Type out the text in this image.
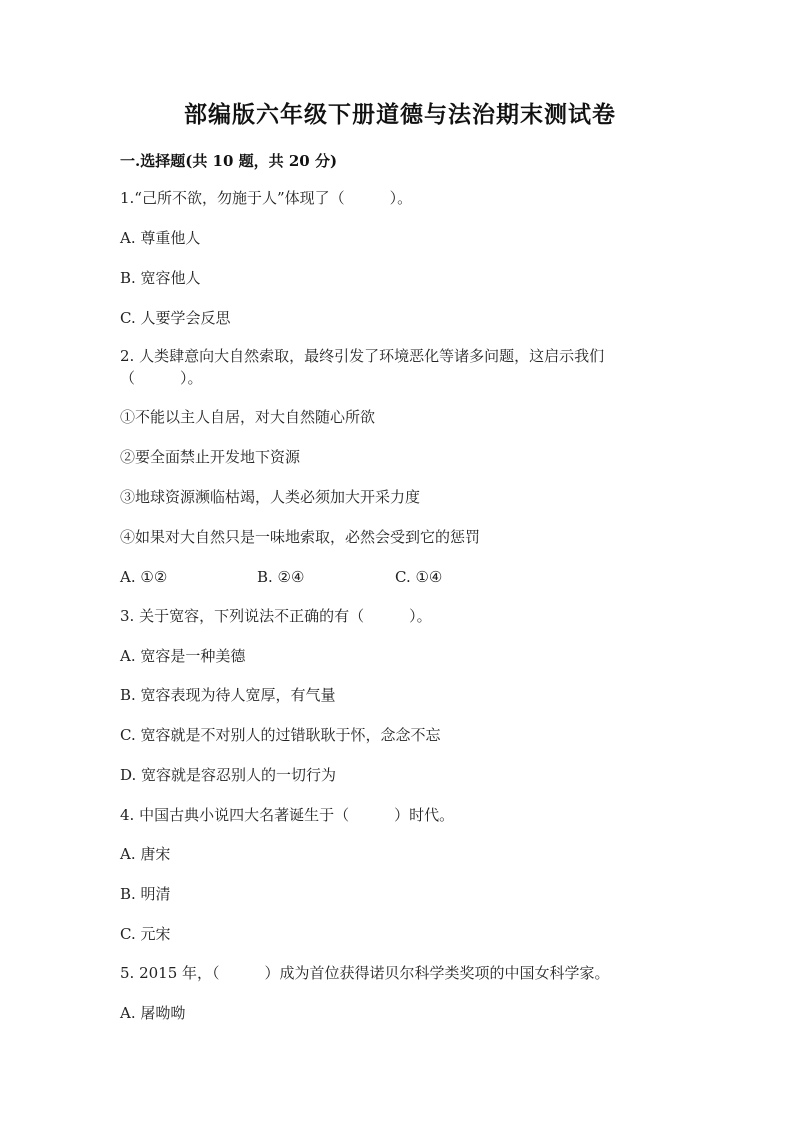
部编版六年级下册道德与法治期末测试卷
一.选择题(共 10 题，共 20 分)
1.“己所不欲，勿施于人”体现了（　　　）。
A. 尊重他人
B. 宽容他人
C. 人要学会反思
2. 人类肆意向大自然索取，最终引发了环境恶化等诸多问题，这启示我们
（　　　）。
①不能以主人自居，对大自然随心所欲
②要全面禁止开发地下资源
③地球资源濒临枯竭，人类必须加大开采力度
④如果对大自然只是一味地索取，必然会受到它的惩罚
A. ①②	B. ②④	C. ①④
3. 关于宽容，下列说法不正确的有（　　　）。
A. 宽容是一种美德
B. 宽容表现为待人宽厚，有气量
C. 宽容就是不对别人的过错耿耿于怀，念念不忘
D. 宽容就是容忍别人的一切行为
4. 中国古典小说四大名著诞生于（　　　）时代。
A. 唐宋
B. 明清
C. 元宋
5. 2015 年，（　　　）成为首位获得诺贝尔科学类奖项的中国女科学家。
A. 屠呦呦
